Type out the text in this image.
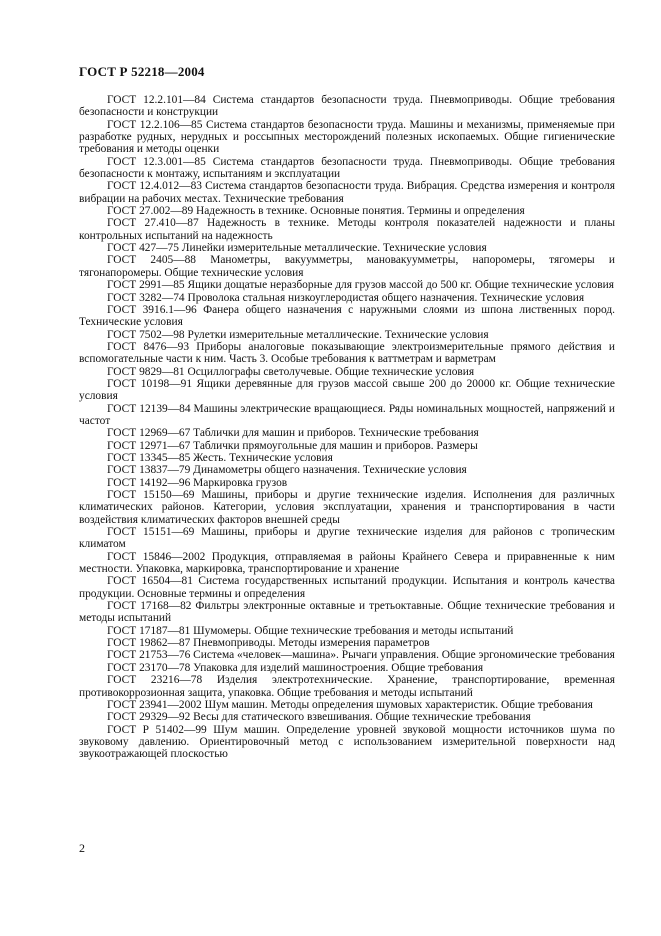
ГОСТ Р 52218—2004
ГОСТ 12.2.101—84 Система стандартов безопасности труда. Пневмоприводы. Общие требования безопасности и конструкции
ГОСТ 12.2.106—85 Система стандартов безопасности труда. Машины и механизмы, применяемые при разработке рудных, нерудных и россыпных месторождений полезных ископаемых. Общие гигиенические требования и методы оценки
ГОСТ 12.3.001—85 Система стандартов безопасности труда. Пневмоприводы. Общие требования безопасности к монтажу, испытаниям и эксплуатации
ГОСТ 12.4.012—83 Система стандартов безопасности труда. Вибрация. Средства измерения и контроля вибрации на рабочих местах. Технические требования
ГОСТ 27.002—89 Надежность в технике. Основные понятия. Термины и определения
ГОСТ 27.410—87 Надежность в технике. Методы контроля показателей надежности и планы контрольных испытаний на надежность
ГОСТ 427—75 Линейки измерительные металлические. Технические условия
ГОСТ 2405—88 Манометры, вакуумметры, мановакуумметры, напоромеры, тягомеры и тягонапоромеры. Общие технические условия
ГОСТ 2991—85 Ящики дощатые неразборные для грузов массой до 500 кг. Общие технические условия
ГОСТ 3282—74 Проволока стальная низкоуглеродистая общего назначения. Технические условия
ГОСТ 3916.1—96 Фанера общего назначения с наружными слоями из шпона лиственных пород. Технические условия
ГОСТ 7502—98 Рулетки измерительные металлические. Технические условия
ГОСТ 8476—93 Приборы аналоговые показывающие электроизмерительные прямого действия и вспомогательные части к ним. Часть 3. Особые требования к ваттметрам и варметрам
ГОСТ 9829—81 Осциллографы светолучевые. Общие технические условия
ГОСТ 10198—91 Ящики деревянные для грузов массой свыше 200 до 20000 кг. Общие технические условия
ГОСТ 12139—84 Машины электрические вращающиеся. Ряды номинальных мощностей, напряжений и частот
ГОСТ 12969—67 Таблички для машин и приборов. Технические требования
ГОСТ 12971—67 Таблички прямоугольные для машин и приборов. Размеры
ГОСТ 13345—85 Жесть. Технические условия
ГОСТ 13837—79 Динамометры общего назначения. Технические условия
ГОСТ 14192—96 Маркировка грузов
ГОСТ 15150—69 Машины, приборы и другие технические изделия. Исполнения для различных климатических районов. Категории, условия эксплуатации, хранения и транспортирования в части воздействия климатических факторов внешней среды
ГОСТ 15151—69 Машины, приборы и другие технические изделия для районов с тропическим климатом
ГОСТ 15846—2002 Продукция, отправляемая в районы Крайнего Севера и приравненные к ним местности. Упаковка, маркировка, транспортирование и хранение
ГОСТ 16504—81 Система государственных испытаний продукции. Испытания и контроль качества продукции. Основные термины и определения
ГОСТ 17168—82 Фильтры электронные октавные и третьоктавные. Общие технические требования и методы испытаний
ГОСТ 17187—81 Шумомеры. Общие технические требования и методы испытаний
ГОСТ 19862—87 Пневмоприводы. Методы измерения параметров
ГОСТ 21753—76 Система «человек—машина». Рычаги управления. Общие эргономические требования
ГОСТ 23170—78 Упаковка для изделий машиностроения. Общие требования
ГОСТ 23216—78 Изделия электротехнические. Хранение, транспортирование, временная противокоррозионная защита, упаковка. Общие требования и методы испытаний
ГОСТ 23941—2002 Шум машин. Методы определения шумовых характеристик. Общие требования
ГОСТ 29329—92 Весы для статического взвешивания. Общие технические требования
ГОСТ Р 51402—99 Шум машин. Определение уровней звуковой мощности источников шума по звуковому давлению. Ориентировочный метод с использованием измерительной поверхности над звукоотражающей плоскостью
2
